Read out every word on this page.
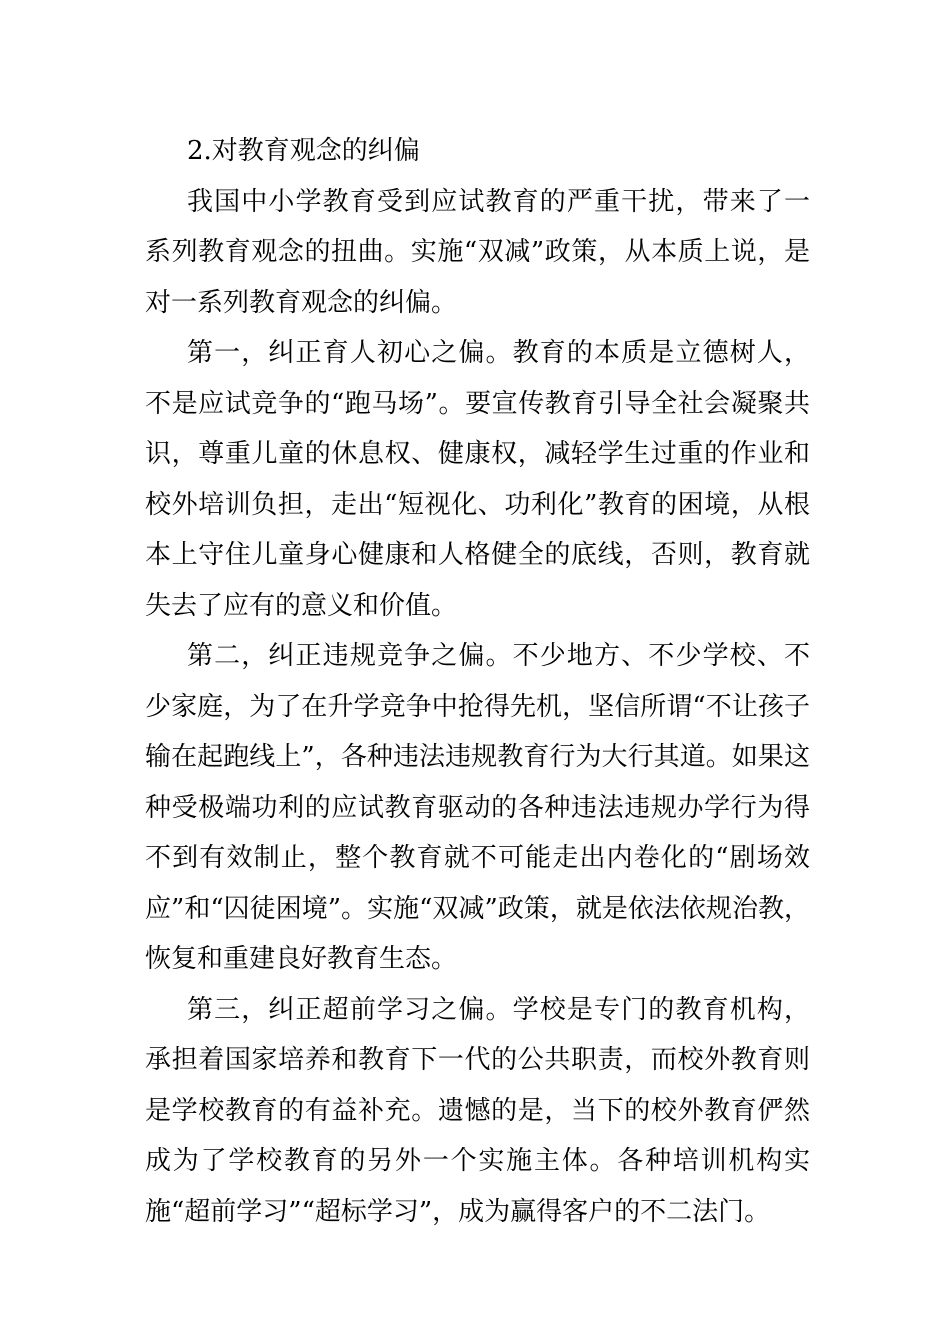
2.对教育观念的纠偏

我国中小学教育受到应试教育的严重干扰，带来了一系列教育观念的扭曲。实施“双减”政策，从本质上说，是对一系列教育观念的纠偏。

第一，纠正育人初心之偏。教育的本质是立德树人，不是应试竞争的“跑马场”。要宣传教育引导全社会凝聚共识，尊重儿童的休息权、健康权，减轻学生过重的作业和校外培训负担，走出“短视化、功利化”教育的困境，从根本上守住儿童身心健康和人格健全的底线，否则，教育就失去了应有的意义和价值。

第二，纠正违规竞争之偏。不少地方、不少学校、不少家庭，为了在升学竞争中抢得先机，坚信所谓“不让孩子输在起跑线上”，各种违法违规教育行为大行其道。如果这种受极端功利的应试教育驱动的各种违法违规办学行为得不到有效制止，整个教育就不可能走出内卷化的“剧场效应”和“囚徒困境”。实施“双减”政策，就是依法依规治教，恢复和重建良好教育生态。

第三，纠正超前学习之偏。学校是专门的教育机构，承担着国家培养和教育下一代的公共职责，而校外教育则是学校教育的有益补充。遗憾的是，当下的校外教育俨然成为了学校教育的另外一个实施主体。各种培训机构实施“超前学习”“超标学习”，成为赢得客户的不二法门。
